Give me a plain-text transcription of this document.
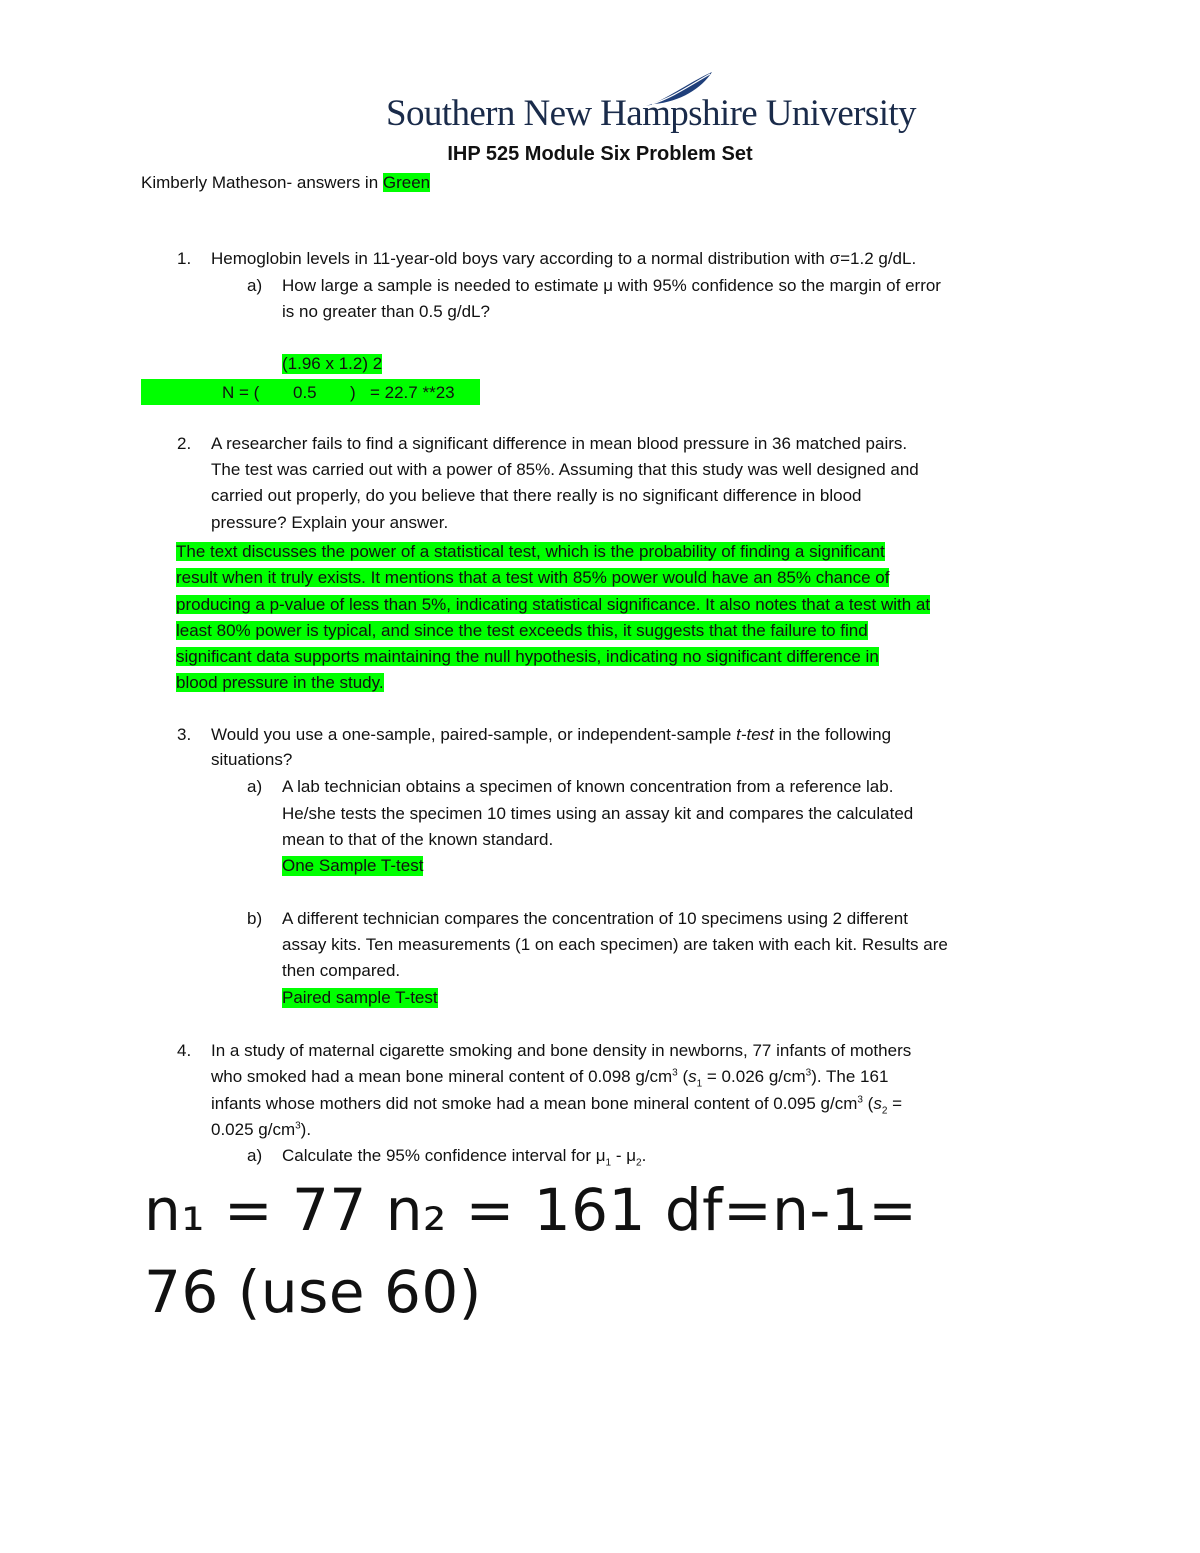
Southern New Hampshire University
IHP 525 Module Six Problem Set
Kimberly Matheson- answers in Green
1. Hemoglobin levels in 11-year-old boys vary according to a normal distribution with σ=1.2 g/dL.
a) How large a sample is needed to estimate μ with 95% confidence so the margin of error
is no greater than 0.5 g/dL?
(1.96 x 1.2) 2
N = ( 0.5 ) = 22.7 **23
2. A researcher fails to find a significant difference in mean blood pressure in 36 matched pairs.
The test was carried out with a power of 85%. Assuming that this study was well designed and
carried out properly, do you believe that there really is no significant difference in blood
pressure? Explain your answer.
The text discusses the power of a statistical test, which is the probability of finding a significant
result when it truly exists. It mentions that a test with 85% power would have an 85% chance of
producing a p-value of less than 5%, indicating statistical significance. It also notes that a test with at
least 80% power is typical, and since the test exceeds this, it suggests that the failure to find
significant data supports maintaining the null hypothesis, indicating no significant difference in
blood pressure in the study.
3. Would you use a one-sample, paired-sample, or independent-sample t-test in the following
situations?
a) A lab technician obtains a specimen of known concentration from a reference lab.
He/she tests the specimen 10 times using an assay kit and compares the calculated
mean to that of the known standard.
One Sample T-test
b) A different technician compares the concentration of 10 specimens using 2 different
assay kits. Ten measurements (1 on each specimen) are taken with each kit. Results are
then compared.
Paired sample T-test
4. In a study of maternal cigarette smoking and bone density in newborns, 77 infants of mothers
who smoked had a mean bone mineral content of 0.098 $g/cm^3$ ($s_1 = 0.026$ $g/cm^3$). The 161
infants whose mothers did not smoke had a mean bone mineral content of 0.095 $g/cm^3$ ($s_2$ =
0.025 $g/cm^3$).
a) Calculate the 95% confidence interval for $\mu_1 - \mu_2$.
n₁ = 77 n₂ = 161 df=n-1=
76 (use 60)
